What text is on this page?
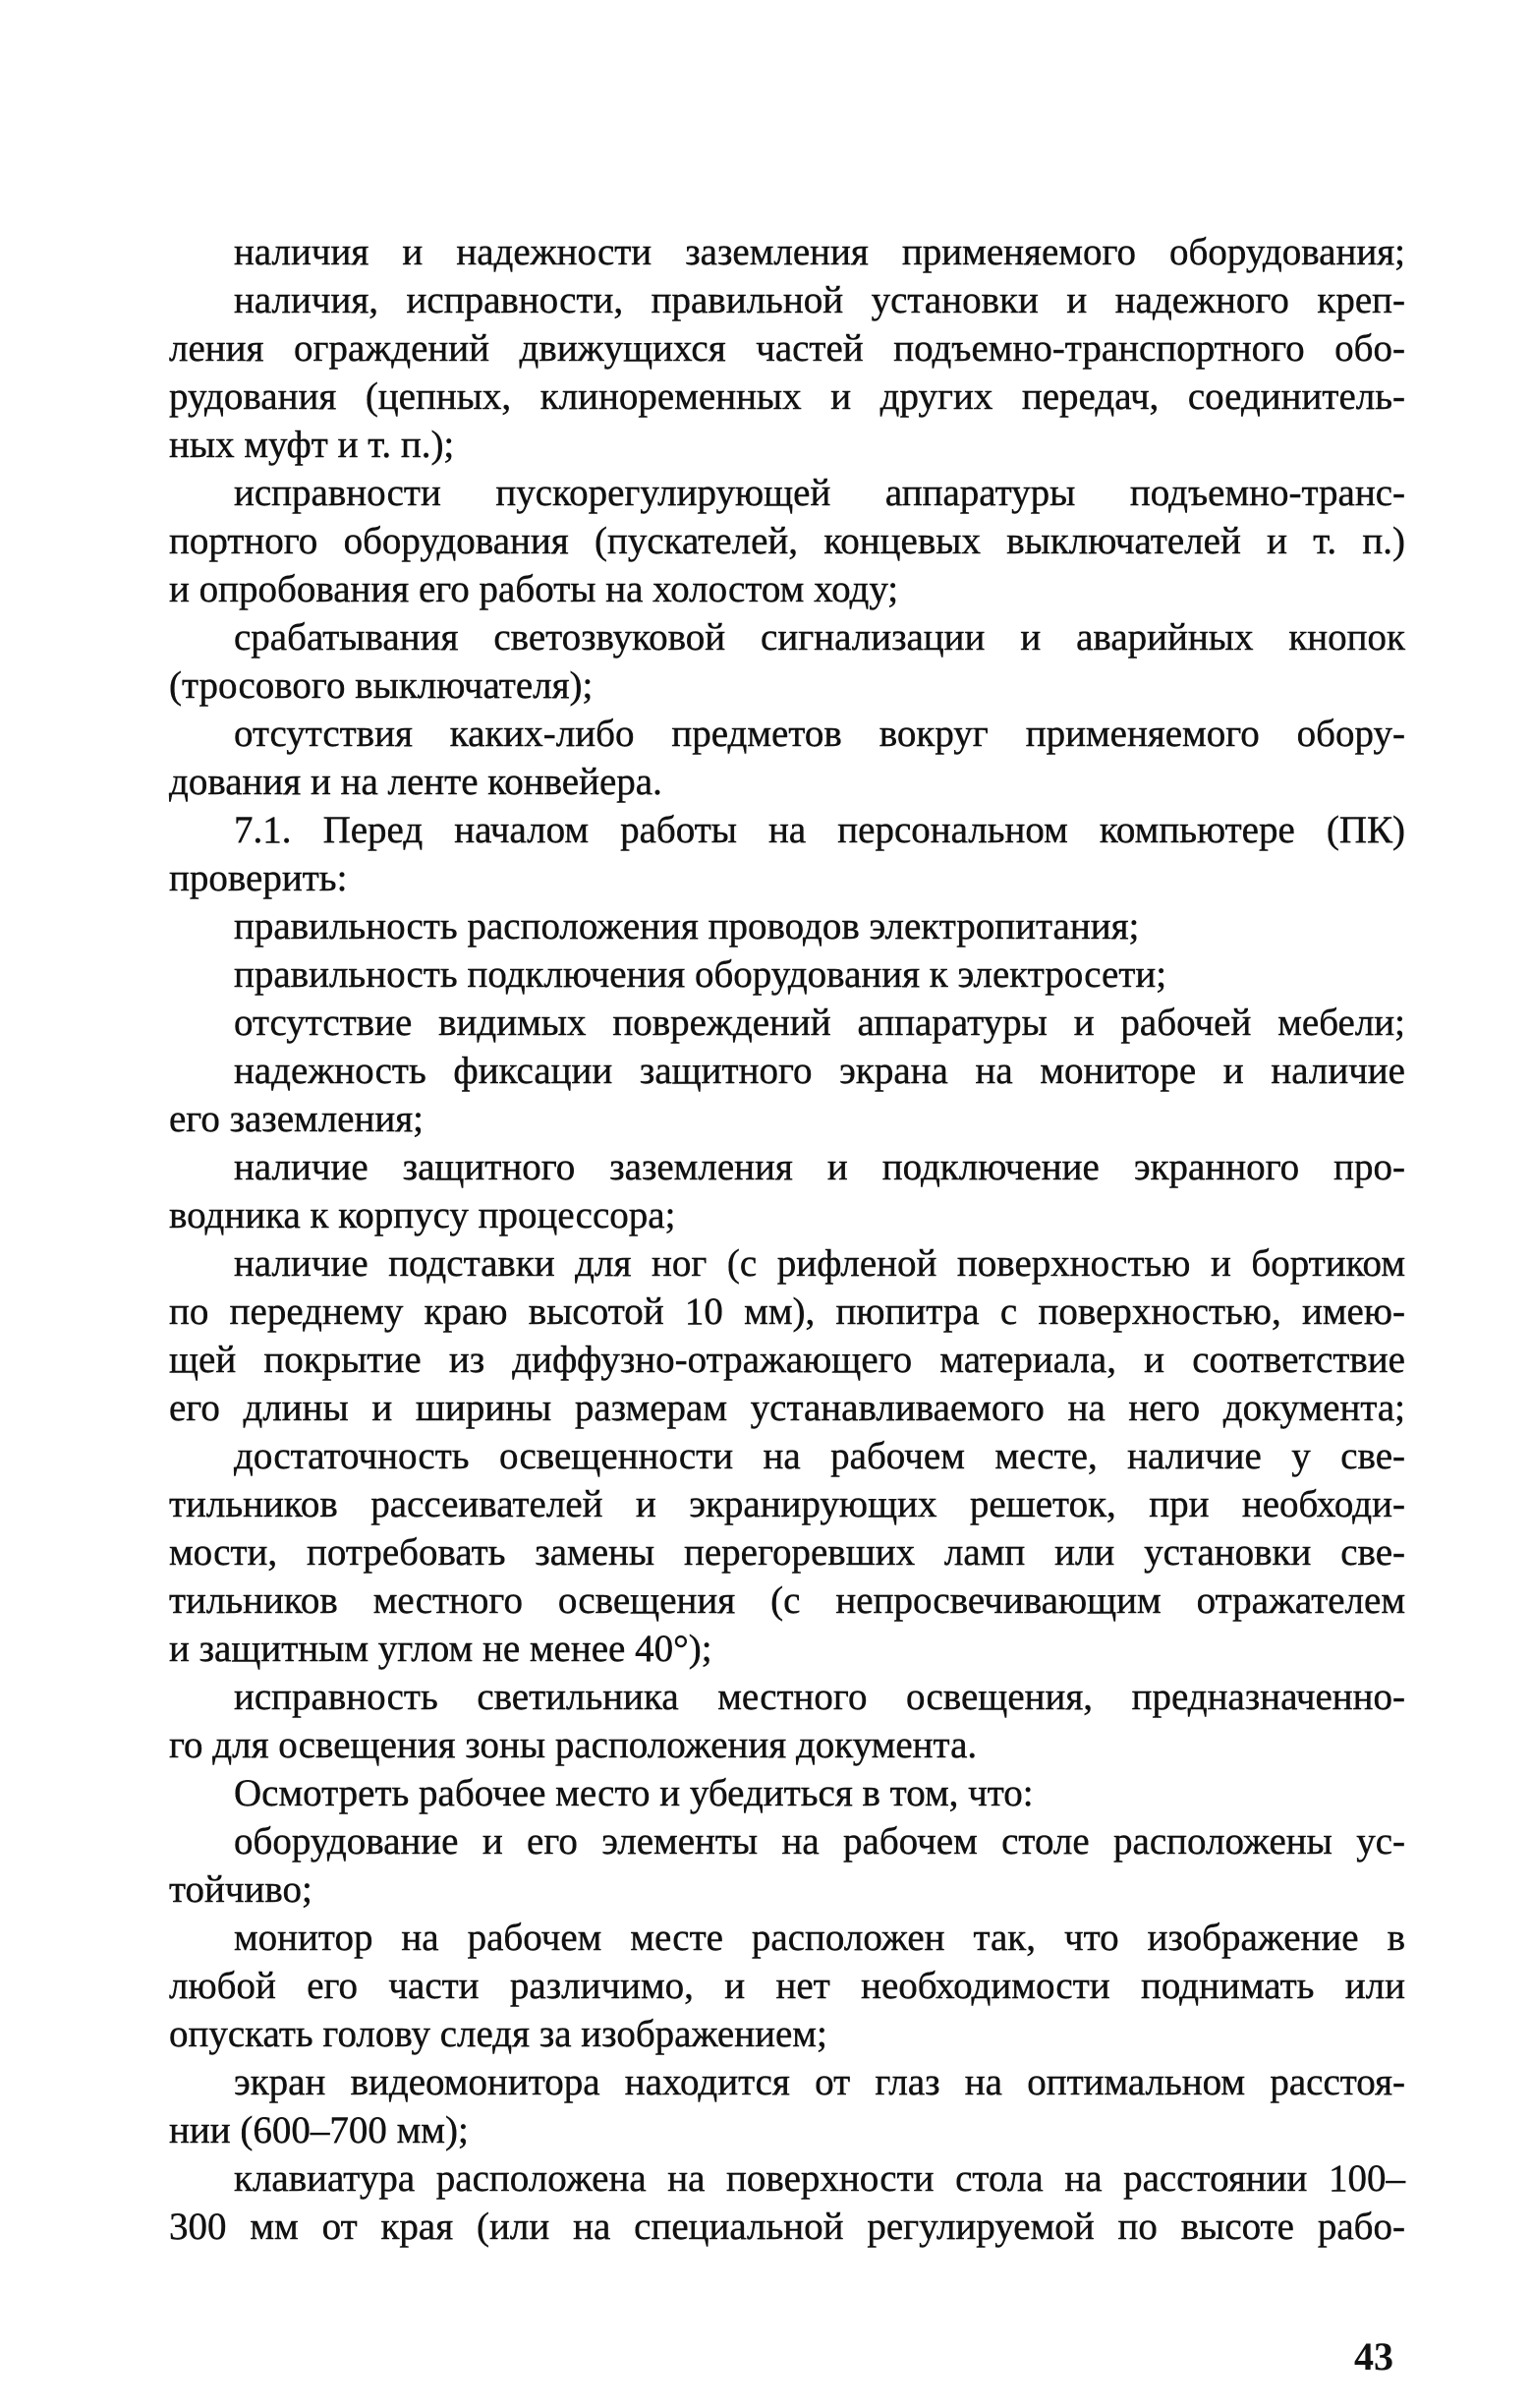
наличия и надежности заземления применяемого оборудования;
наличия, исправности, правильной установки и надежного креп-
ления ограждений движущихся частей подъемно-транспортного обо-
рудования (цепных, клиноременных и других передач, соединитель-
ных муфт и т. п.);
исправности пускорегулирующей аппаратуры подъемно-транс-
портного оборудования (пускателей, концевых выключателей и т. п.)
и опробования его работы на холостом ходу;
срабатывания светозвуковой сигнализации и аварийных кнопок
(тросового выключателя);
отсутствия каких-либо предметов вокруг применяемого обору-
дования и на ленте конвейера.
7.1. Перед началом работы на персональном компьютере (ПК)
проверить:
правильность расположения проводов электропитания;
правильность подключения оборудования к электросети;
отсутствие видимых повреждений аппаратуры и рабочей мебели;
надежность фиксации защитного экрана на мониторе и наличие
его заземления;
наличие защитного заземления и подключение экранного про-
водника к корпусу процессора;
наличие подставки для ног (с рифленой поверхностью и бортиком
по переднему краю высотой 10 мм), пюпитра с поверхностью, имею-
щей покрытие из диффузно-отражающего материала, и соответствие
его длины и ширины размерам устанавливаемого на него документа;
достаточность освещенности на рабочем месте, наличие у све-
тильников рассеивателей и экранирующих решеток, при необходи-
мости, потребовать замены перегоревших ламп или установки све-
тильников местного освещения (с непросвечивающим отражателем
и защитным углом не менее 40°);
исправность светильника местного освещения, предназначенно-
го для освещения зоны расположения документа.
Осмотреть рабочее место и убедиться в том, что:
оборудование и его элементы на рабочем столе расположены ус-
тойчиво;
монитор на рабочем месте расположен так, что изображение в
любой его части различимо, и нет необходимости поднимать или
опускать голову следя за изображением;
экран видеомонитора находится от глаз на оптимальном расстоя-
нии (600–700 мм);
клавиатура расположена на поверхности стола на расстоянии 100–
300 мм от края (или на специальной регулируемой по высоте рабо-
43
